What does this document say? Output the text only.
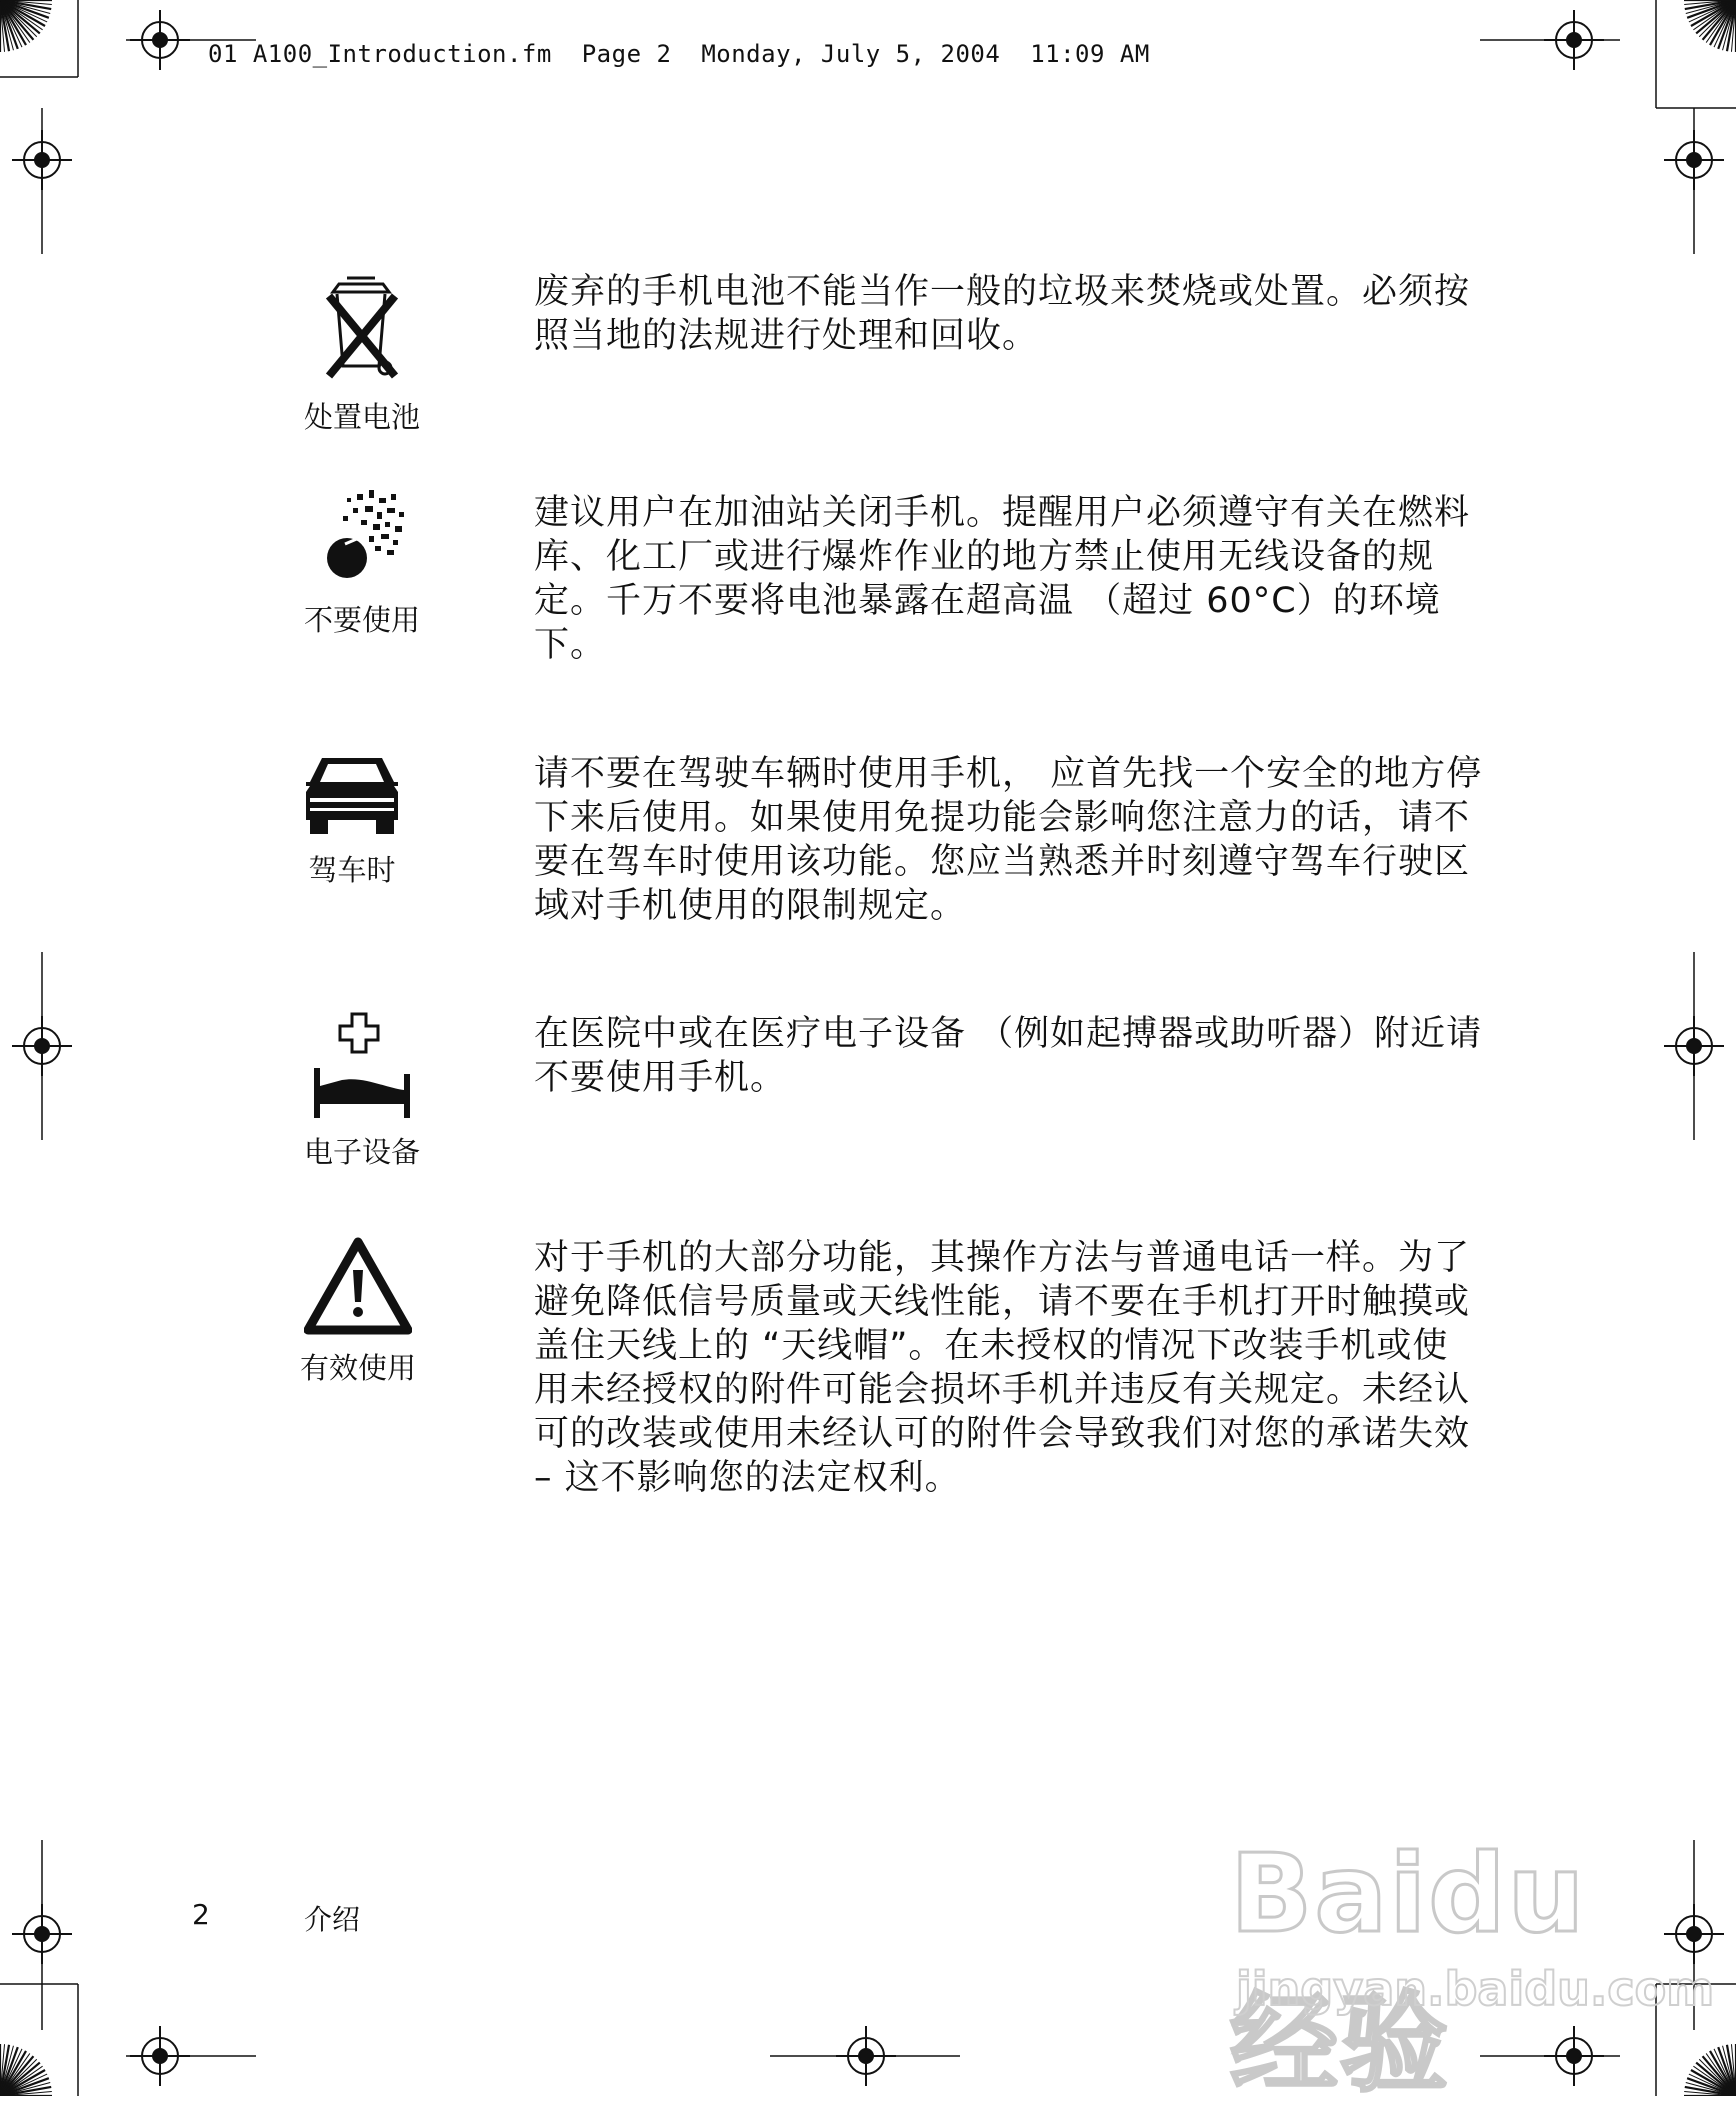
01 A100_Introduction.fm  Page 2  Monday, July 5, 2004  11:09 AM
处置电池
废弃的手机电池不能当作一般的垃圾来焚烧或处置。必须按照当地的法规进行处理和回收。
不要使用
建议用户在加油站关闭手机。提醒用户必须遵守有关在燃料库、化工厂或进行爆炸作业的地方禁止使用无线设备的规定。千万不要将电池暴露在超高温 （超过 60°C）的环境下。
驾车时
请不要在驾驶车辆时使用手机， 应首先找一个安全的地方停下来后使用。如果使用免提功能会影响您注意力的话，请不要在驾车时使用该功能。您应当熟悉并时刻遵守驾车行驶区域对手机使用的限制规定。
电子设备
在医院中或在医疗电子设备 （例如起搏器或助听器）附近请不要使用手机。
有效使用
对于手机的大部分功能，其操作方法与普通电话一样。为了避免降低信号质量或天线性能，请不要在手机打开时触摸或盖住天线上的 “天线帽”。在未授权的情况下改装手机或使用未经授权的附件可能会损坏手机并违反有关规定。未经认可的改装或使用未经认可的附件会导致我们对您的承诺失效 – 这不影响您的法定权利。
2	介绍	Baidu经验
jingyan.baidu.com
